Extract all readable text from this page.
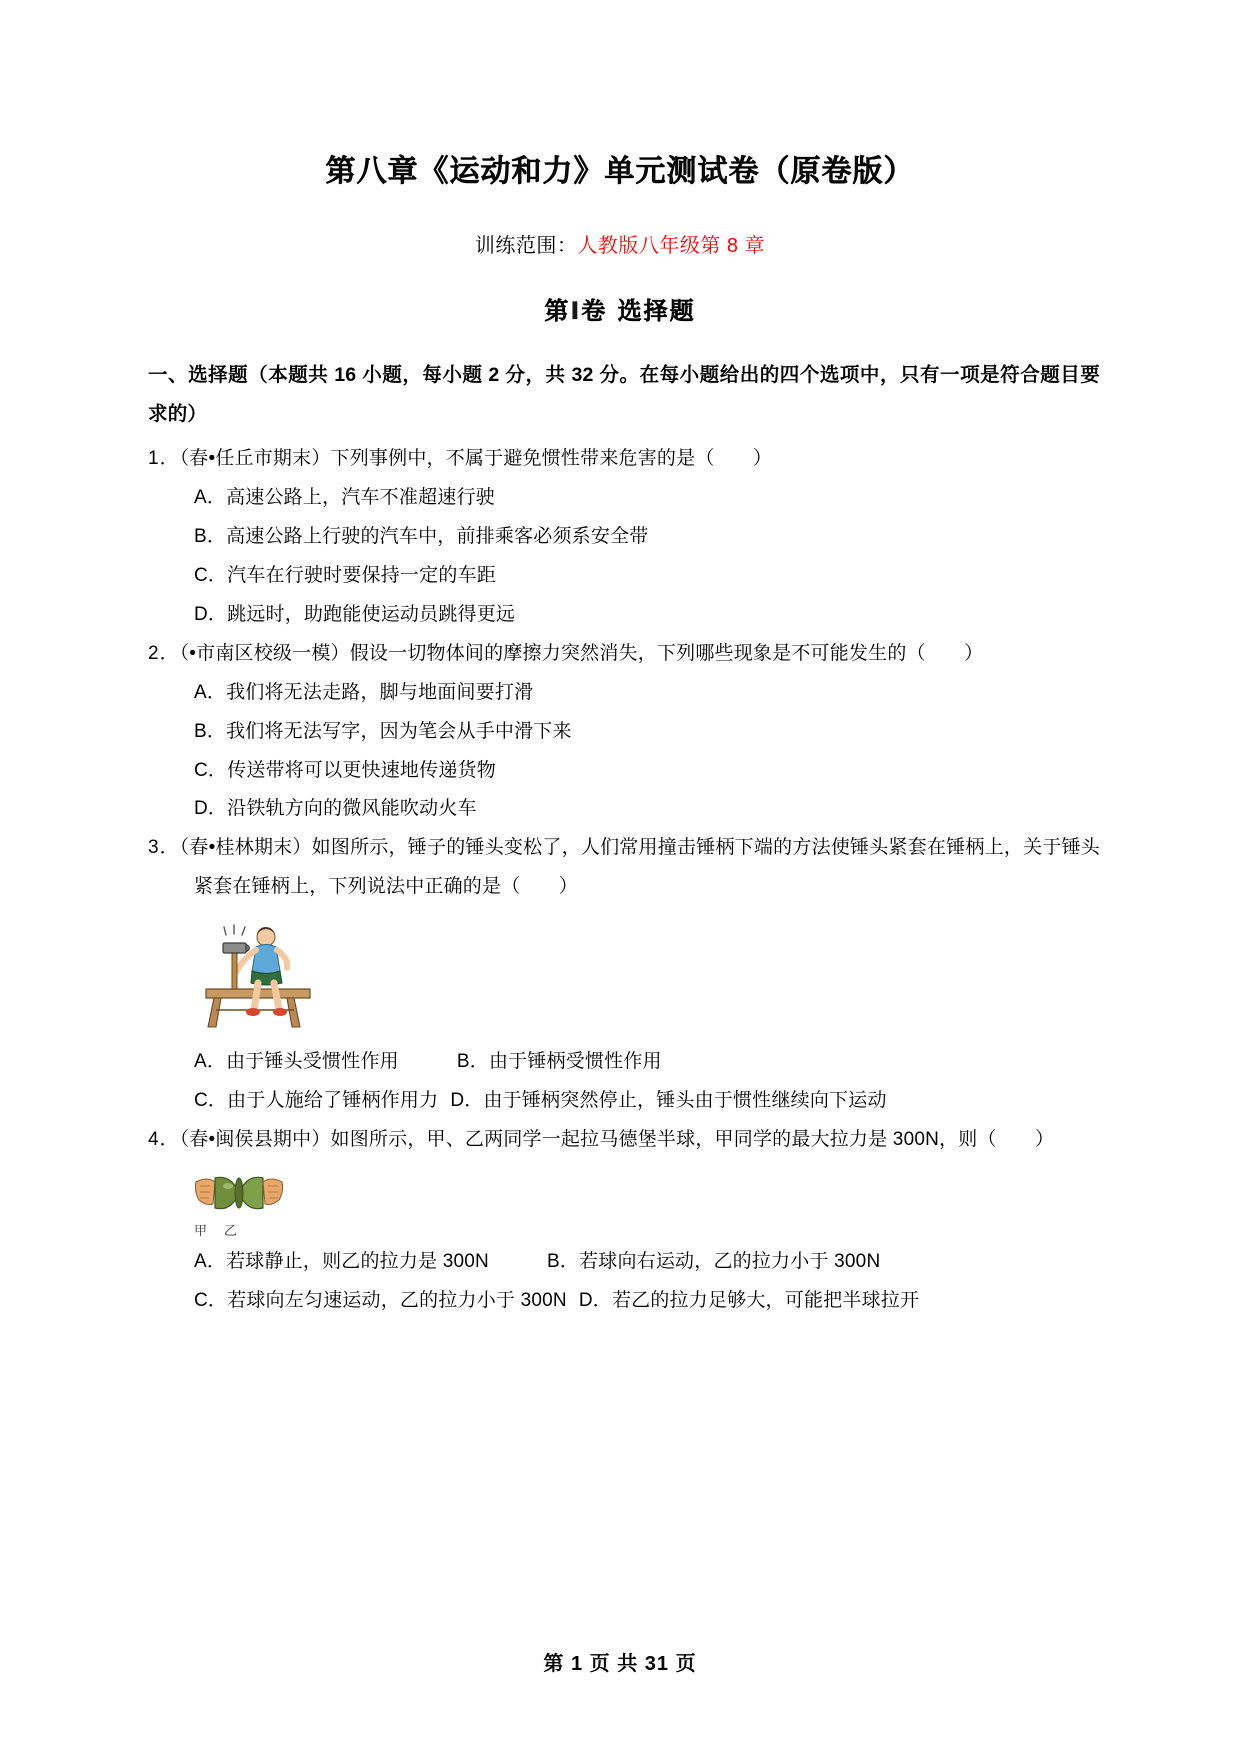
第八章《运动和力》单元测试卷（原卷版）

训练范围：人教版八年级第 8 章

第Ⅰ卷 选择题

一、选择题（本题共 16 小题，每小题 2 分，共 32 分。在每小题给出的四个选项中，只有一项是符合题目要求的）

1．（春•任丘市期末）下列事例中，不属于避免惯性带来危害的是（　　）

A．高速公路上，汽车不准超速行驶

B．高速公路上行驶的汽车中，前排乘客必须系安全带

C．汽车在行驶时要保持一定的车距

D．跳远时，助跑能使运动员跳得更远

2．（•市南区校级一模）假设一切物体间的摩擦力突然消失，下列哪些现象是不可能发生的（　　）

A．我们将无法走路，脚与地面间要打滑

B．我们将无法写字，因为笔会从手中滑下来

C．传送带将可以更快速地传递货物

D．沿铁轨方向的微风能吹动火车

3．（春•桂林期末）如图所示，锤子的锤头变松了，人们常用撞击锤柄下端的方法使锤头紧套在锤柄上，关于锤头紧套在锤柄上，下列说法中正确的是（　　）

A．由于锤头受惯性作用	B．由于锤柄受惯性作用

C．由于人施给了锤柄作用力 D．由于锤柄突然停止，锤头由于惯性继续向下运动

4．（春•闽侯县期中）如图所示，甲、乙两同学一起拉马德堡半球，甲同学的最大拉力是 300N，则（　　）

甲 乙

A．若球静止，则乙的拉力是 300N	B．若球向右运动，乙的拉力小于 300N

C．若球向左匀速运动，乙的拉力小于 300N D．若乙的拉力足够大，可能把半球拉开

第 1 页 共 31 页
